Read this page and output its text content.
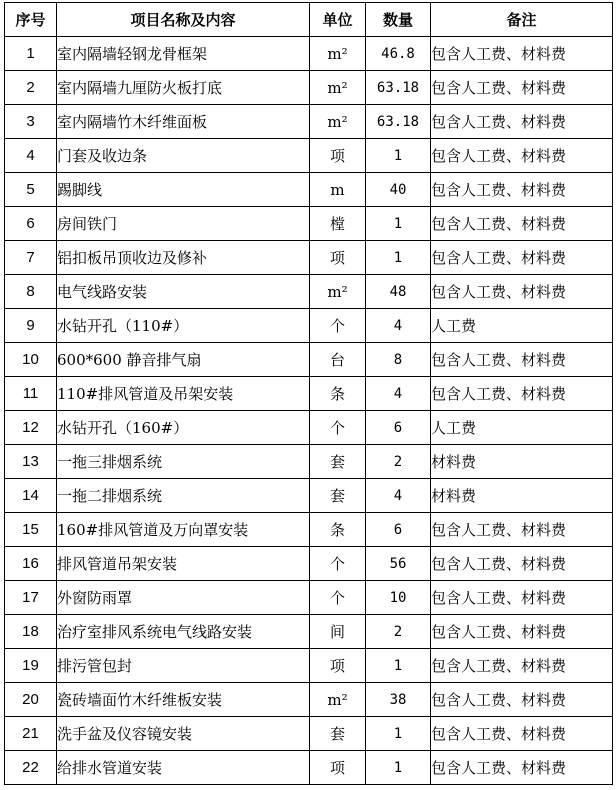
序号	项目名称及内容	单位	数量	备注
1	室内隔墙轻钢龙骨框架	m²	46.8	包含人工费、材料费
2	室内隔墙九厘防火板打底	m²	63.18	包含人工费、材料费
3	室内隔墙竹木纤维面板	m²	63.18	包含人工费、材料费
4	门套及收边条	项	1	包含人工费、材料费
5	踢脚线	m	40	包含人工费、材料费
6	房间铁门	樘	1	包含人工费、材料费
7	铝扣板吊顶收边及修补	项	1	包含人工费、材料费
8	电气线路安装	m²	48	包含人工费、材料费
9	水钻开孔（110#）	个	4	人工费
10	600*600 静音排气扇	台	8	包含人工费、材料费
11	110#排风管道及吊架安装	条	4	包含人工费、材料费
12	水钻开孔（160#）	个	6	人工费
13	一拖三排烟系统	套	2	材料费
14	一拖二排烟系统	套	4	材料费
15	160#排风管道及万向罩安装	条	6	包含人工费、材料费
16	排风管道吊架安装	个	56	包含人工费、材料费
17	外窗防雨罩	个	10	包含人工费、材料费
18	治疗室排风系统电气线路安装	间	2	包含人工费、材料费
19	排污管包封	项	1	包含人工费、材料费
20	瓷砖墙面竹木纤维板安装	m²	38	包含人工费、材料费
21	洗手盆及仪容镜安装	套	1	包含人工费、材料费
22	给排水管道安装	项	1	包含人工费、材料费
